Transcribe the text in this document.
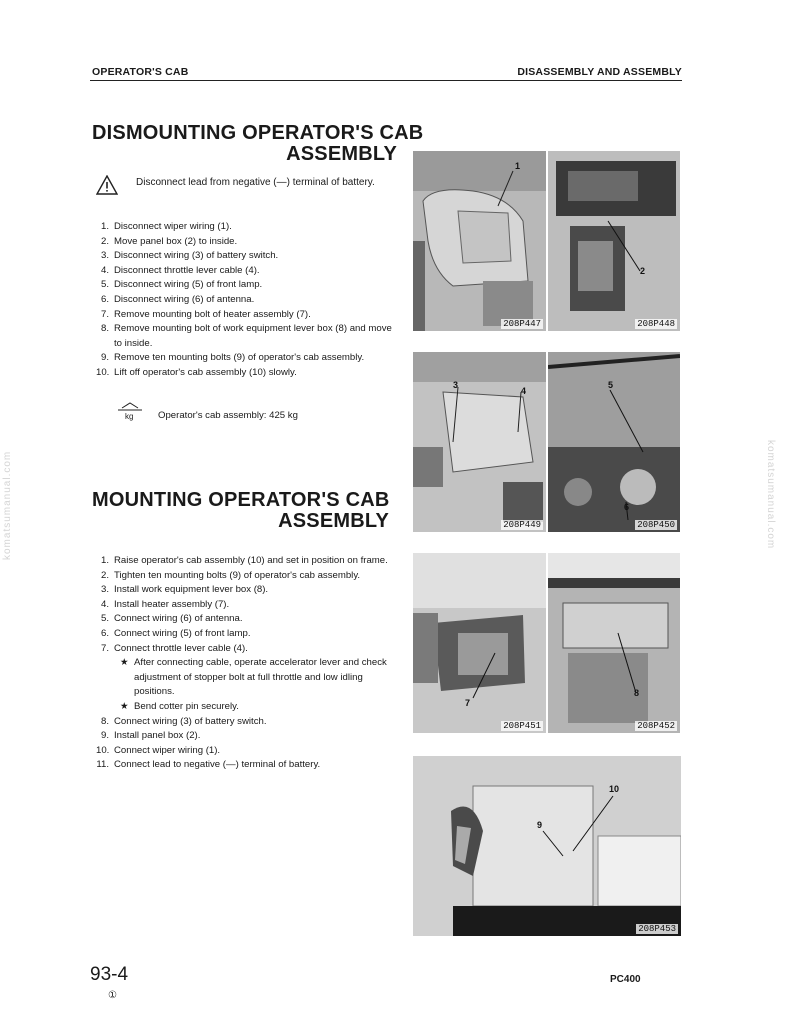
OPERATOR'S CAB	DISASSEMBLY AND ASSEMBLY
DISMOUNTING OPERATOR'S CAB
ASSEMBLY
Disconnect lead from negative (—) terminal of battery.
1. Disconnect wiper wiring (1).
2. Move panel box (2) to inside.
3. Disconnect wiring (3) of battery switch.
4. Disconnect throttle lever cable (4).
5. Disconnect wiring (5) of front lamp.
6. Disconnect wiring (6) of antenna.
7. Remove mounting bolt of heater assembly (7).
8. Remove mounting bolt of work equipment lever box (8) and move to inside.
9. Remove ten mounting bolts (9) of operator's cab assembly.
10. Lift off operator's cab assembly (10) slowly.
kg	Operator's cab assembly: 425 kg
MOUNTING OPERATOR'S CAB
ASSEMBLY
1. Raise operator's cab assembly (10) and set in position on frame.
2. Tighten ten mounting bolts (9) of operator's cab assembly.
3. Install work equipment lever box (8).
4. Install heater assembly (7).
5. Connect wiring (6) of antenna.
6. Connect wiring (5) of front lamp.
7. Connect throttle lever cable (4).
★ After connecting cable, operate accelerator lever and check adjustment of stopper bolt at full throttle and low idling positions.
★ Bend cotter pin securely.
8. Connect wiring (3) of battery switch.
9. Install panel box (2).
10. Connect wiper wiring (1).
11. Connect lead to negative (—) terminal of battery.
1
208P447
2
208P448
3
4
208P449
5
6
208P450
7
208P451
8
208P452
10
9
208P453
93-4
①
PC400
komatsumanual.com	komatsumanual.com
